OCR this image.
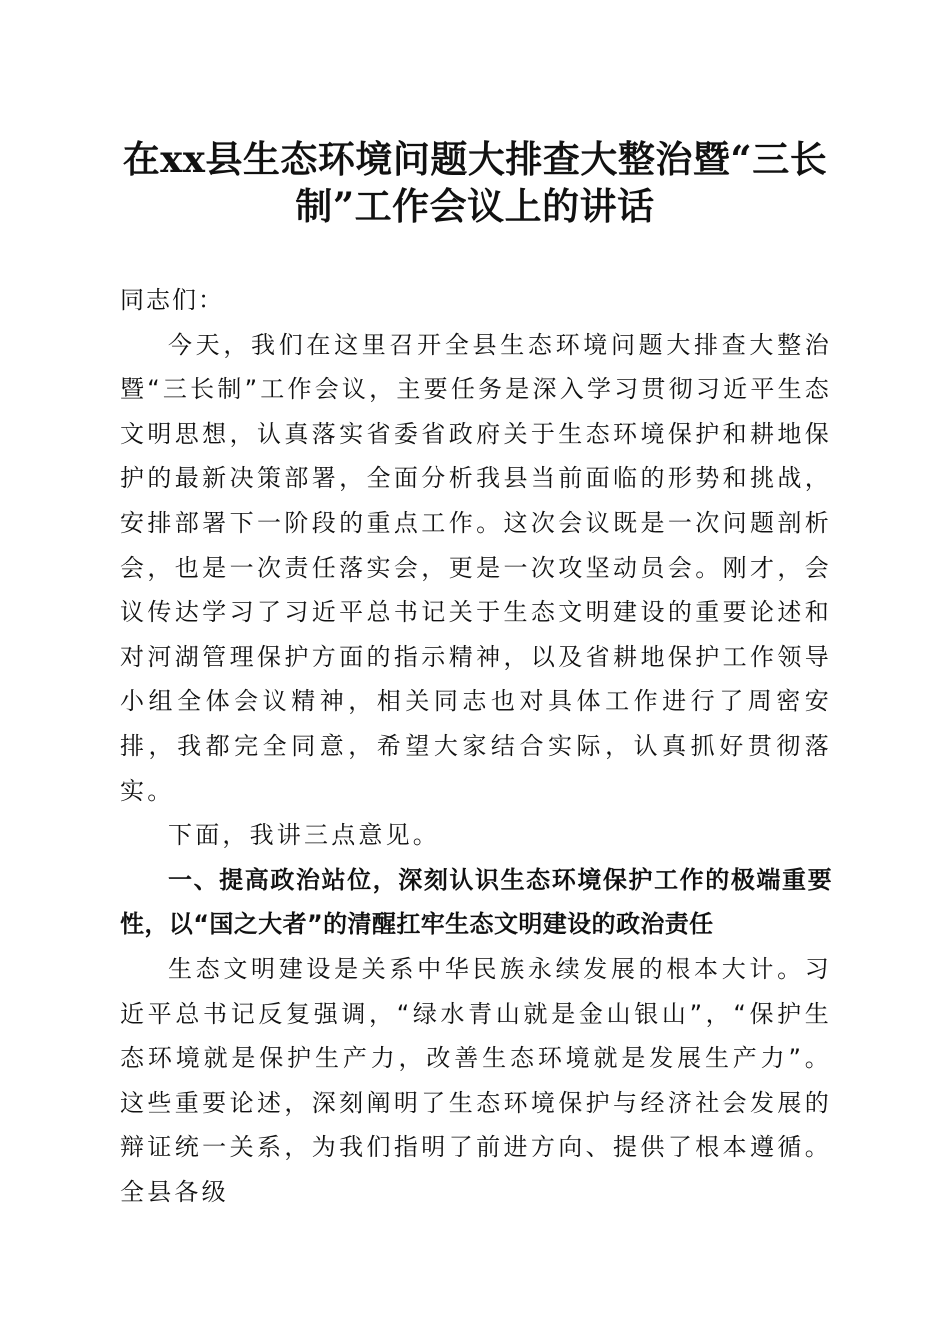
在xx县生态环境问题大排查大整治暨“三长制”工作会议上的讲话

同志们：

今天，我们在这里召开全县生态环境问题大排查大整治暨“三长制”工作会议，主要任务是深入学习贯彻习近平生态文明思想，认真落实省委省政府关于生态环境保护和耕地保护的最新决策部署，全面分析我县当前面临的形势和挑战，安排部署下一阶段的重点工作。这次会议既是一次问题剖析会，也是一次责任落实会，更是一次攻坚动员会。刚才，会议传达学习了习近平总书记关于生态文明建设的重要论述和对河湖管理保护方面的指示精神，以及省耕地保护工作领导小组全体会议精神，相关同志也对具体工作进行了周密安排，我都完全同意，希望大家结合实际，认真抓好贯彻落实。

下面，我讲三点意见。

一、提高政治站位，深刻认识生态环境保护工作的极端重要性，以“国之大者”的清醒扛牢生态文明建设的政治责任

生态文明建设是关系中华民族永续发展的根本大计。习近平总书记反复强调，“绿水青山就是金山银山”，“保护生态环境就是保护生产力，改善生态环境就是发展生产力”。这些重要论述，深刻阐明了生态环境保护与经济社会发展的辩证统一关系，为我们指明了前进方向、提供了根本遵循。全县各级
